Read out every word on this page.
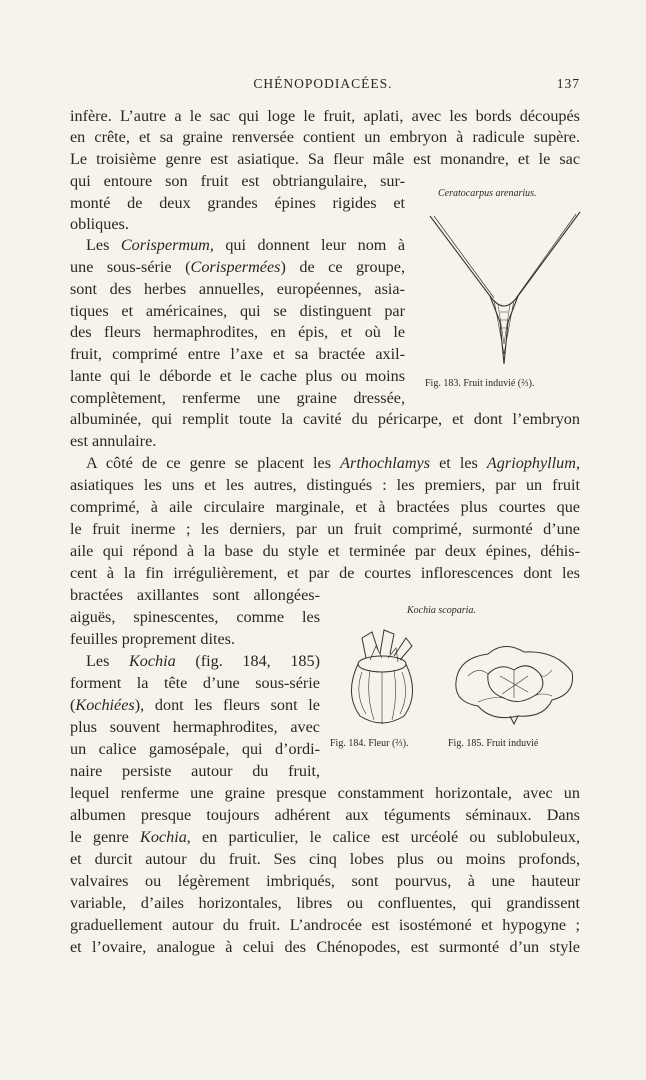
CHÉNOPODIACÉES.	137
infère. L’autre a le sac qui loge le fruit, aplati, avec les bords découpés
en crête, et sa graine renversée contient un embryon à radicule supère.
Le troisième genre est asiatique. Sa fleur mâle est monandre, et le sac
qui entoure son fruit est obtriangulaire, sur-
monté de deux grandes épines rigides et
obliques.
Les Corispermum, qui donnent leur nom à
une sous-série (Corispermées) de ce groupe,
sont des herbes annuelles, européennes, asia-
tiques et américaines, qui se distinguent par
des fleurs hermaphrodites, en épis, et où le
fruit, comprimé entre l’axe et sa bractée axil-
lante qui le déborde et le cache plus ou moins
complètement, renferme une graine dressée,
albuminée, qui remplit toute la cavité du péricarpe, et dont l’embryon
est annulaire.
A côté de ce genre se placent les Arthochlamys et les Agriophyllum,
asiatiques les uns et les autres, distingués : les premiers, par un fruit
comprimé, à aile circulaire marginale, et à bractées plus courtes que
le fruit inerme ; les derniers, par un fruit comprimé, surmonté d’une
aile qui répond à la base du style et terminée par deux épines, déhis-
cent à la fin irrégulièrement, et par de courtes inflorescences dont les
bractées axillantes sont allongées-
aiguës, spinescentes, comme les
feuilles proprement dites.
Les Kochia (fig. 184, 185)
forment la tête d’une sous-série
(Kochiées), dont les fleurs sont le
plus souvent hermaphrodites, avec
un calice gamosépale, qui d’ordi-
naire persiste autour du fruit,
lequel renferme une graine presque constamment horizontale, avec un
albumen presque toujours adhérent aux téguments séminaux. Dans
le genre Kochia, en particulier, le calice est urcéolé ou sublobuleux,
et durcit autour du fruit. Ses cinq lobes plus ou moins profonds,
valvaires ou légèrement imbriqués, sont pourvus, à une hauteur
variable, d’ailes horizontales, libres ou confluentes, qui grandissent
graduellement autour du fruit. L’androcée est isostémoné et hypogyne ;
et l’ovaire, analogue à celui des Chénopodes, est surmonté d’un style
Ceratocarpus arenarius.
Fig. 183. Fruit induvié (⅔).
Kochia scoparia.
Fig. 184. Fleur (⅔).	Fig. 185. Fruit induvié
